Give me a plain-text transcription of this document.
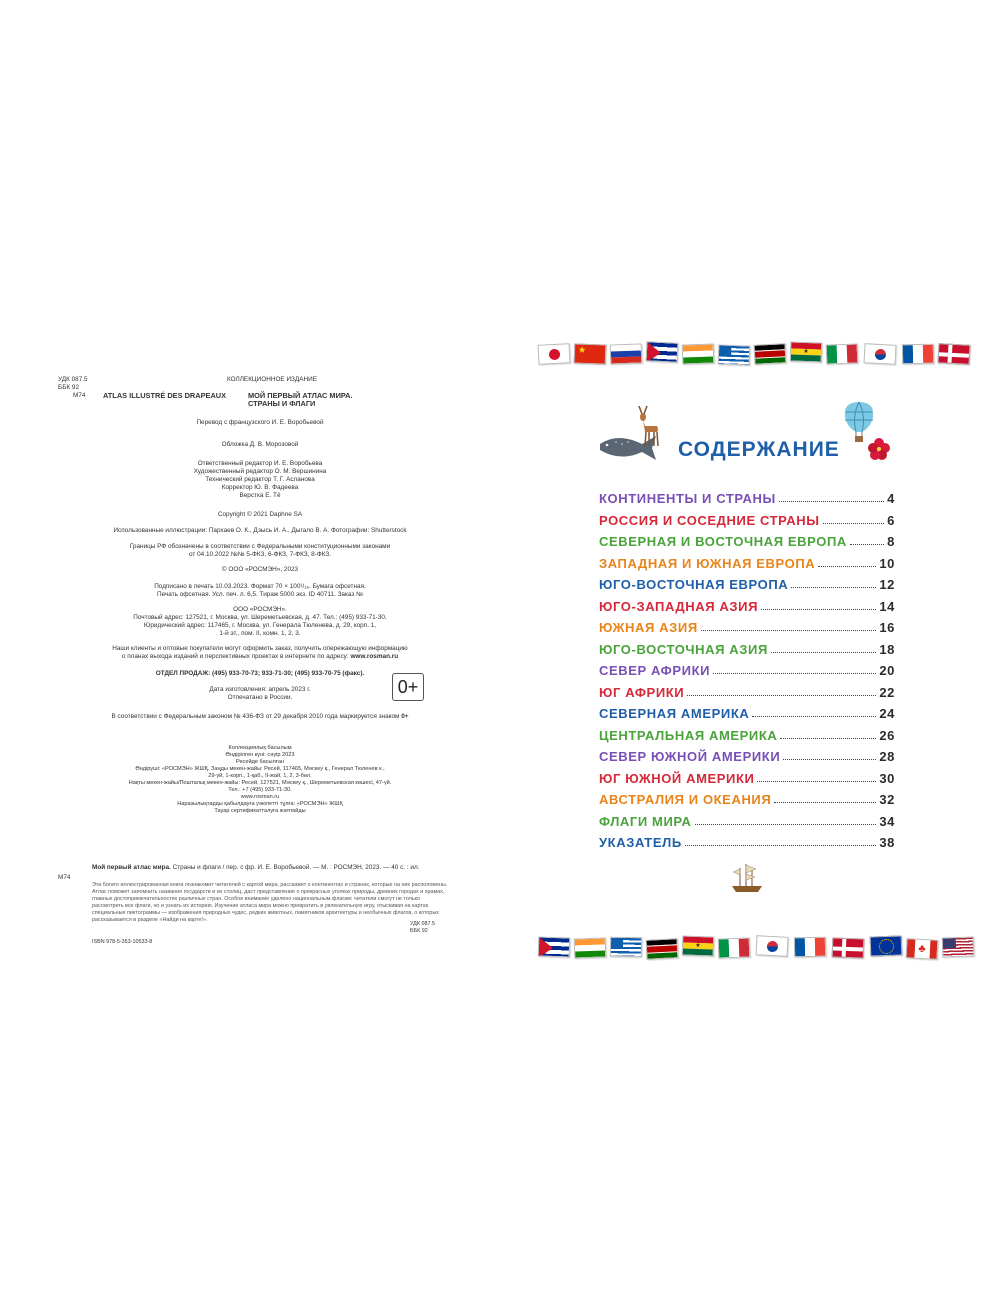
УДК 087.5
ББК 92
М74
КОЛЛЕКЦИОННОЕ ИЗДАНИЕ
ATLAS ILLUSTRÉ DES DRAPEAUX	МОЙ ПЕРВЫЙ АТЛАС МИРА.
СТРАНЫ И ФЛАГИ
Перевод с французского И. Е. Воробьевой
Обложка Д. В. Морозовой
Ответственный редактор И. Е. Воробьева
Художественный редактор О. М. Вершинина
Технический редактор Т. Г. Асланова
Корректор Ю. В. Фадеева
Верстка Е. Тё
Copyright © 2021 Daphne SA
Использованные иллюстрации: Пархаев О. К., Дзысь И. А., Дыгало В. А. Фотографии: Shutterstock
Границы РФ обозначены в соответствии с Федеральными конституционными законами
от 04.10.2022 №№ 5-ФКЗ, 6-ФКЗ, 7-ФКЗ, 8-ФКЗ.
© ООО «РОСМЭН», 2023
Подписано в печать 10.03.2023. Формат 70 × 100¹/₁₆. Бумага офсетная.
Печать офсетная. Усл. печ. л. 6,5. Тираж 5000 экз. ID 40711. Заказ №
ООО «РОСМЭН».
Почтовый адрес: 127521, г. Москва, ул. Шереметьевская, д. 47. Тел.: (495) 933-71-30.
Юридический адрес: 117465, г. Москва, ул. Генерала Тюленева, д. 29, корп. 1,
1-й эт., пом. II, комн. 1, 2, 3.
Наши клиенты и оптовые покупатели могут оформить заказ, получить опережающую информацию
о планах выхода изданий и перспективных проектах в интернете по адресу: www.rosman.ru
ОТДЕЛ ПРОДАЖ: (495) 933-70-73; 933-71-30; (495) 933-70-75 (факс).
Дата изготовления: апрель 2023 г.
Отпечатано в России.
0+
В соответствии с Федеральным законом № 436-ФЗ от 29 декабря 2010 года маркируется знаком 0+
Коллекциялық басылым
Өндірілген күні: сәуір 2023
Ресейде басылған
Өндіруші: «РОСМЭН» ЖШҚ. Заңды мекен-жайы: Ресей, 117465, Мәскеу қ., Генерал Тюленев к.,
29-үй, 1-корп., 1-қаб., II-жай, 1, 2, 3-бөл.
Нақты мекен-жайы/Поштальқ мекен-жайы: Ресей, 127521, Мәскеу қ., Шереметьевская көшесі, 47-үй.
Тел.: +7 (495) 933-71-30.
www.rosman.ru
Наразылықтарды қабылдауға уәкілетті тұлға: «РОСМЭН» ЖШҚ
Тауар сертификатталуға жатпайды
М74
Мой первый атлас мира. Страны и флаги / пер. с фр. И. Е. Воробьевой. — М. : РОСМЭН, 2023. — 40 с. : ил.
Эта богато иллюстрированная книга познакомит читателей с картой мира, расскажет о континентах и странах, которые на них расположены. Атлас поможет запомнить названия государств и их столиц, даст представление о прекрасных уголках природы, древних городах и храмах, главных достопримечательностях различных стран. Особое внимание уделено национальным флагам: читатели смогут не только рассмотреть все флаги, но и узнать их историю. Изучение атласа мира можно превратить в увлекательную игру, отыскивая на картах специальные пиктограммы — изображения природных чудес, редких животных, памятников архитектуры и необычных флагов, о которых рассказывается в разделе «Найди на карте!».
ISBN 978-5-353-10533-8
УДК 087.5
ББК 92
★	★
СОДЕРЖАНИЕ
КОНТИНЕНТЫ И СТРАНЫ	4
РОССИЯ И СОСЕДНИЕ СТРАНЫ	6
СЕВЕРНАЯ И ВОСТОЧНАЯ ЕВРОПА	8
ЗАПАДНАЯ И ЮЖНАЯ ЕВРОПА	10
ЮГО-ВОСТОЧНАЯ ЕВРОПА	12
ЮГО-ЗАПАДНАЯ АЗИЯ	14
ЮЖНАЯ АЗИЯ	16
ЮГО-ВОСТОЧНАЯ АЗИЯ	18
СЕВЕР АФРИКИ	20
ЮГ АФРИКИ	22
СЕВЕРНАЯ АМЕРИКА	24
ЦЕНТРАЛЬНАЯ АМЕРИКА	26
СЕВЕР ЮЖНОЙ АМЕРИКИ	28
ЮГ ЮЖНОЙ АМЕРИКИ	30
АВСТРАЛИЯ И ОКЕАНИЯ	32
ФЛАГИ МИРА	34
УКАЗАТЕЛЬ	38
★	♣
